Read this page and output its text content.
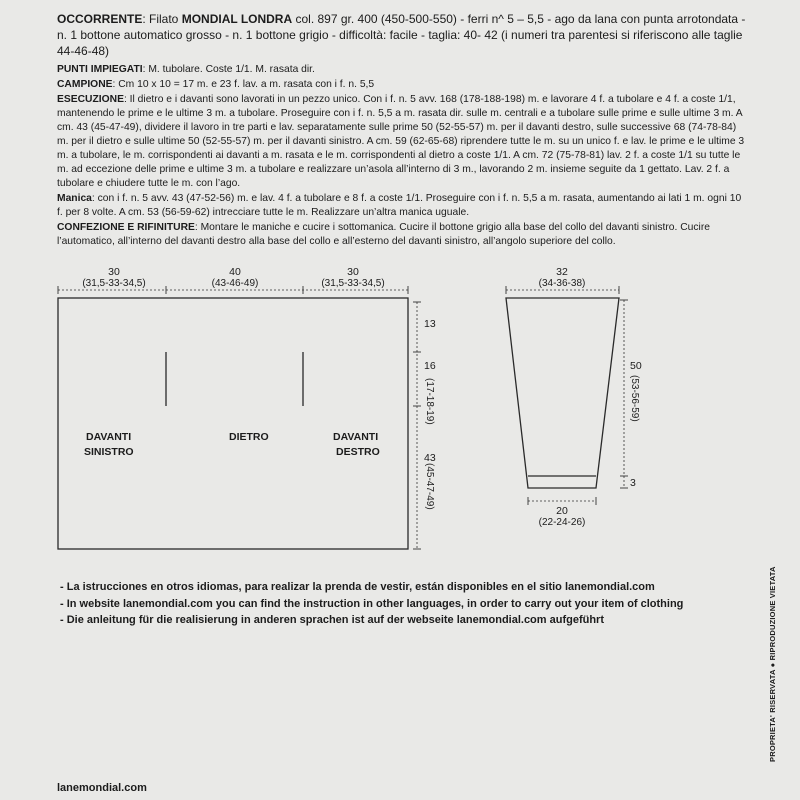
OCCORRENTE: Filato MONDIAL LONDRA col. 897 gr. 400 (450-500-550) - ferri n^ 5 – 5,5 - ago da lana con punta arrotondata - n. 1 bottone automatico grosso - n. 1 bottone grigio - difficoltà: facile - taglia: 40- 42 (i numeri tra parentesi si riferiscono alle taglie 44-46-48)

PUNTI IMPIEGATI: M. tubolare. Coste 1/1. M. rasata dir.

CAMPIONE: Cm 10 x 10 = 17 m. e 23 f. lav. a m. rasata con i f. n. 5,5

ESECUZIONE: Il dietro e i davanti sono lavorati in un pezzo unico. Con i f. n. 5 avv. 168 (178-188-198) m. e lavorare 4 f. a tubolare e 4 f. a coste 1/1, mantenendo le prime e le ultime 3 m. a tubolare. Proseguire con i f. n. 5,5 a m. rasata dir. sulle m. centrali e a tubolare sulle prime e sulle ultime 3 m. A cm. 43 (45-47-49), dividere il lavoro in tre parti e lav. separatamente sulle prime 50 (52-55-57) m. per il davanti destro, sulle successive 68 (74-78-84) m. per il dietro e sulle ultime 50 (52-55-57) m. per il davanti sinistro. A cm. 59 (62-65-68) riprendere tutte le m. su un unico f. e lav. le prime e le ultime 3 m. a tubolare, le m. corrispondenti ai davanti a m. rasata e le m. corrispondenti al dietro a coste 1/1. A cm. 72 (75-78-81) lav. 2 f. a coste 1/1 su tutte le m. ad eccezione delle prime e ultime 3 m. a tubolare e realizzare un’asola all’interno di 3 m., lavorando 2 m. insieme seguite da 1 gettato. Lav. 2 f. a tubolare e chiudere tutte le m. con l’ago.

Manica: con i f. n. 5 avv. 43 (47-52-56) m. e lav. 4 f. a tubolare e 8 f. a coste 1/1. Proseguire con i f. n. 5,5 a m. rasata, aumentando ai lati 1 m. ogni 10 f. per 8 volte. A cm. 53 (56-59-62) intrecciare tutte le m. Realizzare un’altra manica uguale.

CONFEZIONE E RIFINITURE: Montare le maniche e cucire i sottomanica. Cucire il bottone grigio alla base del collo del davanti sinistro. Cucire l’automatico, all’interno del davanti destro alla base del collo e all’esterno del davanti sinistro, all’angolo superiore del collo.

30
(31,5-33-34,5)
40
(43-46-49)
30
(31,5-33-34,5)
13
16
(17-18-19)
43
(45-47-49)
DAVANTI
SINISTRO
DIETRO	DAVANTI
DESTRO
32
(34-36-38)
50
(53-56-59)
3
20
(22-24-26)
- La istrucciones en otros idiomas, para realizar la prenda de vestir, están disponibles en el sitio lanemondial.com
- In website lanemondial.com you can find the instruction in other languages, in order to carry out your item of clothing
- Die anleitung für die realisierung in anderen sprachen ist auf der webseite lanemondial.com aufgeführt
lanemondial.com
PROPRIETA' RISERVATA ● RIPRODUZIONE VIETATA
